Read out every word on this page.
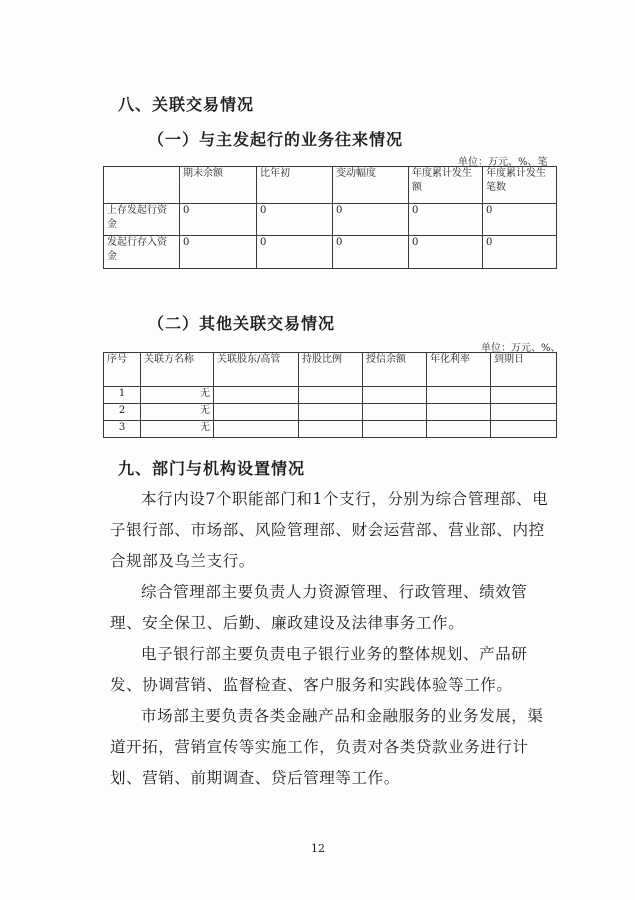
八、关联交易情况
（一）与主发起行的业务往来情况
单位：万元、%、笔
	期末余额	比年初	变动幅度	年度累计发生额	年度累计发生笔数
上存发起行资金	0	0	0	0	0
发起行存入资金	0	0	0	0	0
（二）其他关联交易情况
单位：万元、%、
序号	关联方名称	关联股东/高管	持股比例	授信余额	年化利率	到期日
1	无					
2	无					
3	无					
九、部门与机构设置情况

本行内设7个职能部门和1个支行，分别为综合管理部、电子银行部、市场部、风险管理部、财会运营部、营业部、内控合规部及乌兰支行。

综合管理部主要负责人力资源管理、行政管理、绩效管理、安全保卫、后勤、廉政建设及法律事务工作。

电子银行部主要负责电子银行业务的整体规划、产品研发、协调营销、监督检查、客户服务和实践体验等工作。

市场部主要负责各类金融产品和金融服务的业务发展，渠道开拓，营销宣传等实施工作，负责对各类贷款业务进行计划、营销、前期调查、贷后管理等工作。

12
